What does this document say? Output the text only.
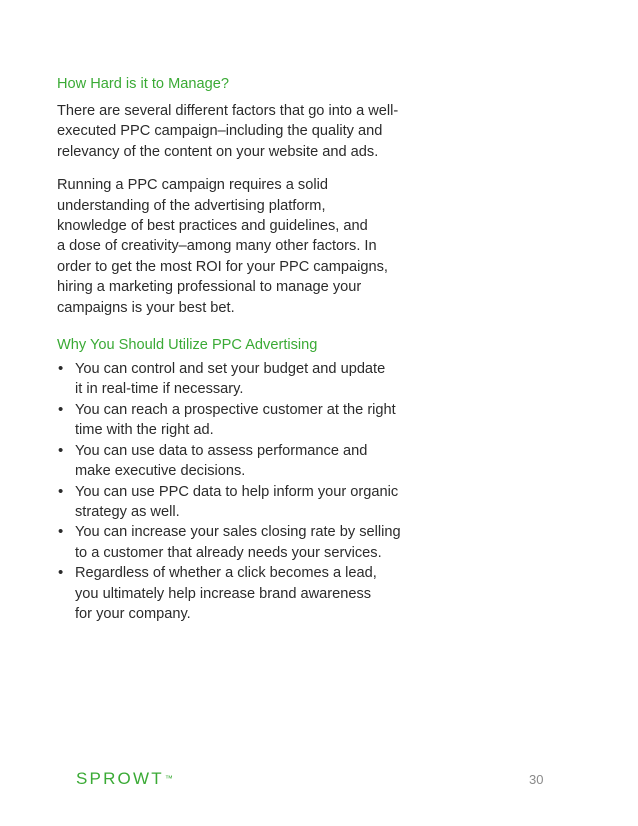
How Hard is it to Manage?

There are several different factors that go into a well-
executed PPC campaign–including the quality and
relevancy of the content on your website and ads.

Running a PPC campaign requires a solid
understanding of the advertising platform,
knowledge of best practices and guidelines, and
a dose of creativity–among many other factors. In
order to get the most ROI for your PPC campaigns,
hiring a marketing professional to manage your
campaigns is your best bet.

Why You Should Utilize PPC Advertising
• You can control and set your budget and update
it in real-time if necessary.
• You can reach a prospective customer at the right
time with the right ad.
• You can use data to assess performance and
make executive decisions.
• You can use PPC data to help inform your organic
strategy as well.
• You can increase your sales closing rate by selling
to a customer that already needs your services.
• Regardless of whether a click becomes a lead,
you ultimately help increase brand awareness
for your company.
SPROWT™	30
